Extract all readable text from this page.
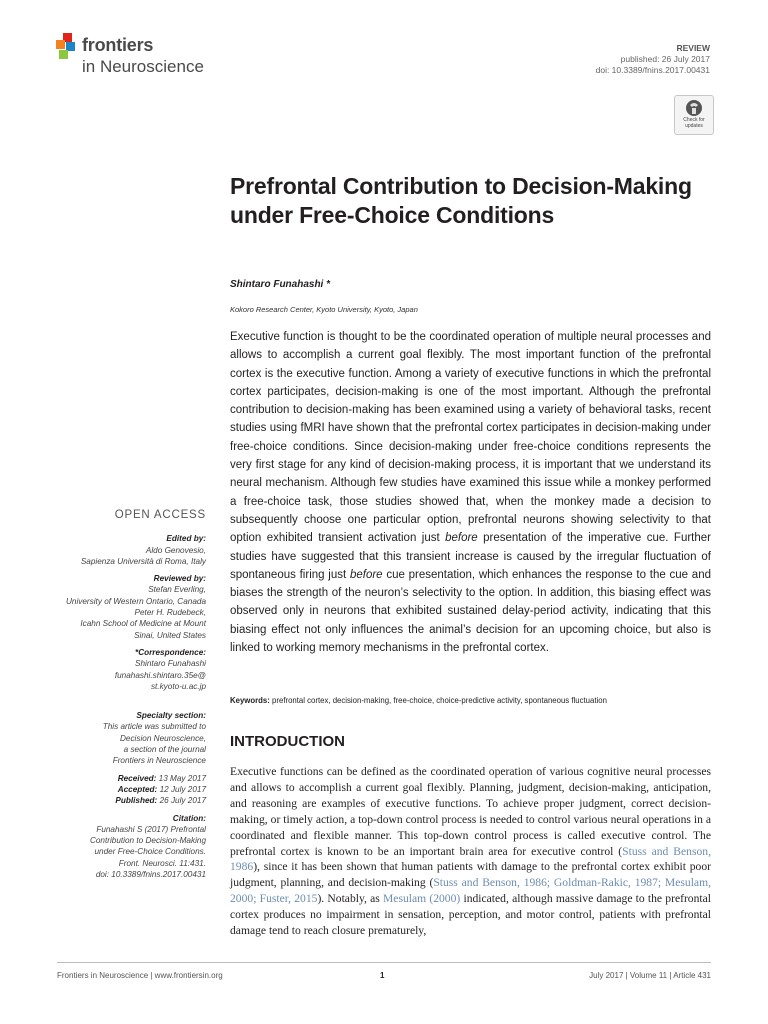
frontiers
in Neuroscience
REVIEW
published: 26 July 2017
doi: 10.3389/fnins.2017.00431
Check for updates
Prefrontal Contribution to Decision-Making under Free-Choice Conditions
Shintaro Funahashi *
Kokoro Research Center, Kyoto University, Kyoto, Japan

Executive function is thought to be the coordinated operation of multiple neural processes and allows to accomplish a current goal flexibly. The most important function of the prefrontal cortex is the executive function. Among a variety of executive functions in which the prefrontal cortex participates, decision-making is one of the most important. Although the prefrontal contribution to decision-making has been examined using a variety of behavioral tasks, recent studies using fMRI have shown that the prefrontal cortex participates in decision-making under free-choice conditions. Since decision-making under free-choice conditions represents the very first stage for any kind of decision-making process, it is important that we understand its neural mechanism. Although few studies have examined this issue while a monkey performed a free-choice task, those studies showed that, when the monkey made a decision to subsequently choose one particular option, prefrontal neurons showing selectivity to that option exhibited transient activation just before presentation of the imperative cue. Further studies have suggested that this transient increase is caused by the irregular fluctuation of spontaneous firing just before cue presentation, which enhances the response to the cue and biases the strength of the neuron’s selectivity to the option. In addition, this biasing effect was observed only in neurons that exhibited sustained delay-period activity, indicating that this biasing effect not only influences the animal’s decision for an upcoming choice, but also is linked to working memory mechanisms in the prefrontal cortex.

Keywords: prefrontal cortex, decision-making, free-choice, choice-predictive activity, spontaneous fluctuation
OPEN ACCESS
Edited by:
Aldo Genovesio,
Sapienza Università di Roma, Italy
Reviewed by:
Stefan Everling,
University of Western Ontario, Canada
Peter H. Rudebeck,
Icahn School of Medicine at Mount
Sinai, United States
*Correspondence:
Shintaro Funahashi
funahashi.shintaro.35e@
st.kyoto-u.ac.jp
Specialty section:
This article was submitted to
Decision Neuroscience,
a section of the journal
Frontiers in Neuroscience
Received: 13 May 2017
Accepted: 12 July 2017
Published: 26 July 2017
Citation:
Funahashi S (2017) Prefrontal
Contribution to Decision-Making
under Free-Choice Conditions.
Front. Neurosci. 11:431.
doi: 10.3389/fnins.2017.00431
INTRODUCTION
Executive functions can be defined as the coordinated operation of various cognitive neural processes and allows to accomplish a current goal flexibly. Planning, judgment, decision-making, anticipation, and reasoning are examples of executive functions. To achieve proper judgment, correct decision-making, or timely action, a top-down control process is needed to control various neural operations in a coordinated and flexible manner. This top-down control process is called executive control. The prefrontal cortex is known to be an important brain area for executive control (Stuss and Benson, 1986), since it has been shown that human patients with damage to the prefrontal cortex exhibit poor judgment, planning, and decision-making (Stuss and Benson, 1986; Goldman-Rakic, 1987; Mesulam, 2000; Fuster, 2015). Notably, as Mesulam (2000) indicated, although massive damage to the prefrontal cortex produces no impairment in sensation, perception, and motor control, patients with prefrontal damage tend to reach closure prematurely,
Frontiers in Neuroscience | www.frontiersin.org	1	July 2017 | Volume 11 | Article 431
